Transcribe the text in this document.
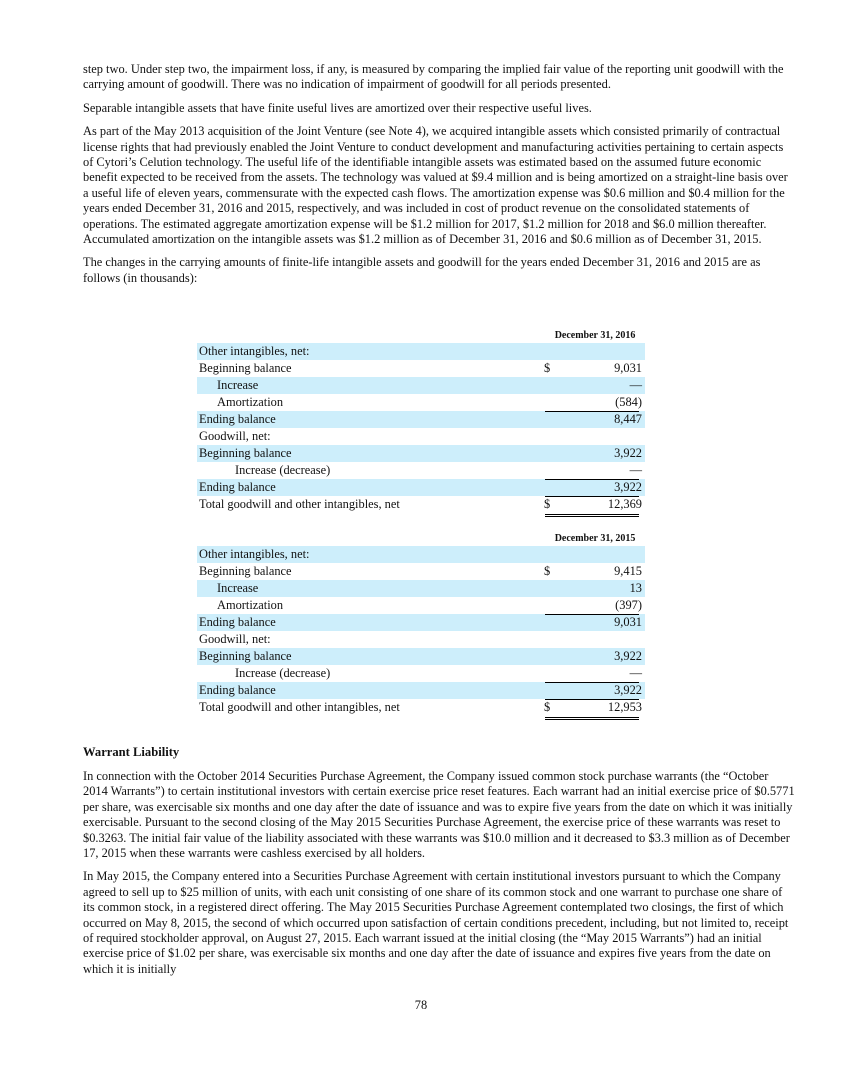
step two. Under step two, the impairment loss, if any, is measured by comparing the implied fair value of the reporting unit goodwill with the carrying amount of goodwill. There was no indication of impairment of goodwill for all periods presented.

Separable intangible assets that have finite useful lives are amortized over their respective useful lives.

As part of the May 2013 acquisition of the Joint Venture (see Note 4), we acquired intangible assets which consisted primarily of contractual license rights that had previously enabled the Joint Venture to conduct development and manufacturing activities pertaining to certain aspects of Cytori’s Celution technology. The useful life of the identifiable intangible assets was estimated based on the assumed future economic benefit expected to be received from the assets. The technology was valued at $9.4 million and is being amortized on a straight-line basis over a useful life of eleven years, commensurate with the expected cash flows. The amortization expense was $0.6 million and $0.4 million for the years ended December 31, 2016 and 2015, respectively, and was included in cost of product revenue on the consolidated statements of operations. The estimated aggregate amortization expense will be $1.2 million for 2017, $1.2 million for 2018 and $6.0 million thereafter. Accumulated amortization on the intangible assets was $1.2 million as of December 31, 2016 and $0.6 million as of December 31, 2015.

The changes in the carrying amounts of finite-life intangible assets and goodwill for the years ended December 31, 2016 and 2015 are as follows (in thousands):

December 31, 2016
Other intangibles, net:
Beginning balance	$	9,031
Increase	—
Amortization	(584)
Ending balance	8,447
Goodwill, net:
Beginning balance	3,922
Increase (decrease)	—
Ending balance	3,922
Total goodwill and other intangibles, net	$	12,369
December 31, 2015
Other intangibles, net:
Beginning balance	$	9,415
Increase	13
Amortization	(397)
Ending balance	9,031
Goodwill, net:
Beginning balance	3,922
Increase (decrease)	—
Ending balance	3,922
Total goodwill and other intangibles, net	$	12,953
Warrant Liability

In connection with the October 2014 Securities Purchase Agreement, the Company issued common stock purchase warrants (the “October 2014 Warrants”) to certain institutional investors with certain exercise price reset features. Each warrant had an initial exercise price of $0.5771 per share, was exercisable six months and one day after the date of issuance and was to expire five years from the date on which it was initially exercisable. Pursuant to the second closing of the May 2015 Securities Purchase Agreement, the exercise price of these warrants was reset to $0.3263. The initial fair value of the liability associated with these warrants was $10.0 million and it decreased to $3.3 million as of December 17, 2015 when these warrants were cashless exercised by all holders.

In May 2015, the Company entered into a Securities Purchase Agreement with certain institutional investors pursuant to which the Company agreed to sell up to $25 million of units, with each unit consisting of one share of its common stock and one warrant to purchase one share of its common stock, in a registered direct offering. The May 2015 Securities Purchase Agreement contemplated two closings, the first of which occurred on May 8, 2015, the second of which occurred upon satisfaction of certain conditions precedent, including, but not limited to, receipt of required stockholder approval, on August 27, 2015. Each warrant issued at the initial closing (the “May 2015 Warrants”) had an initial exercise price of $1.02 per share, was exercisable six months and one day after the date of issuance and expires five years from the date on which it is initially

78
